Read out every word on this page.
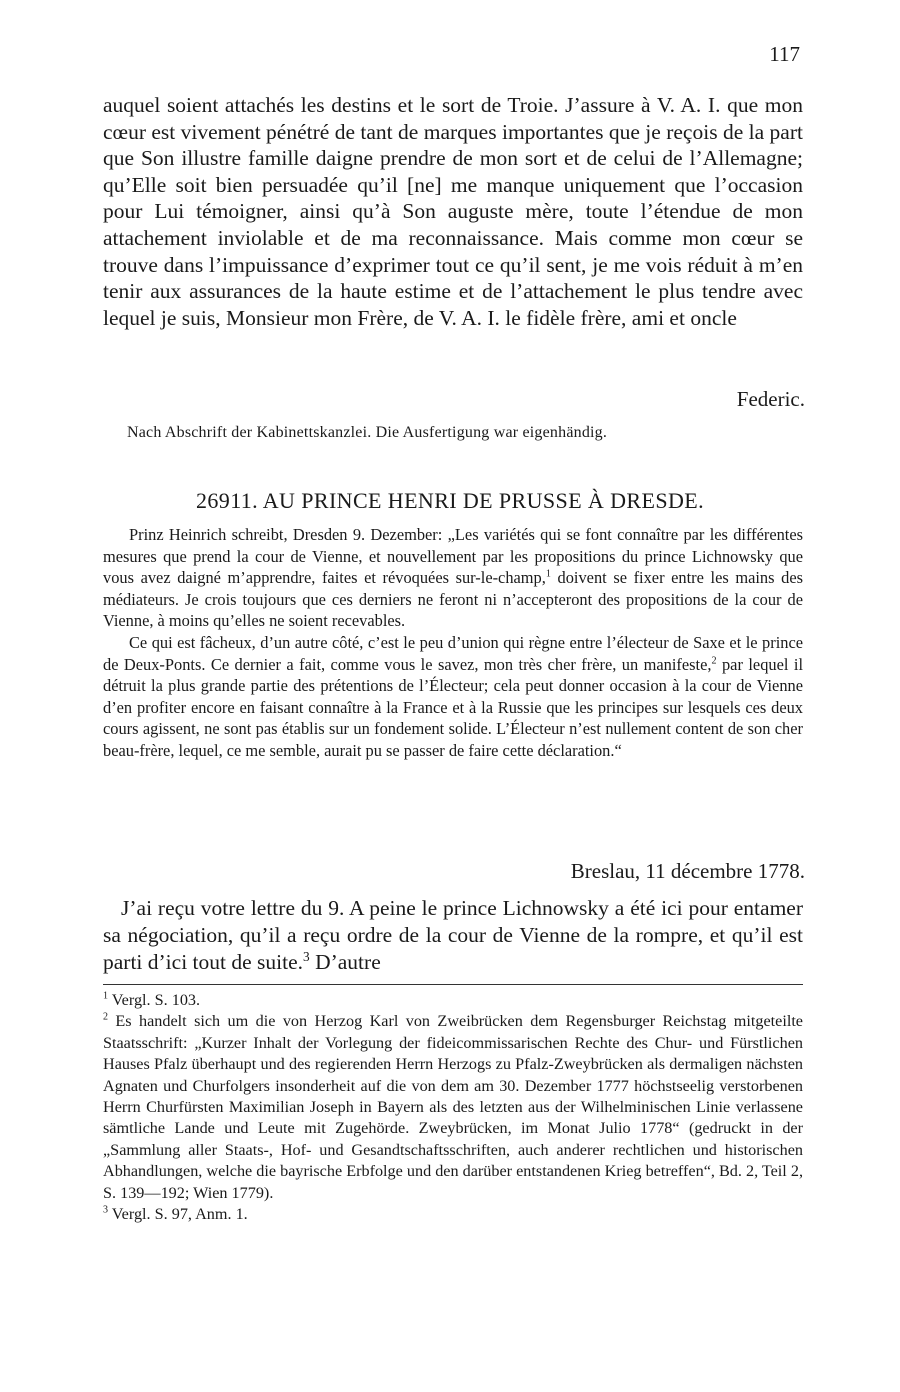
117

auquel soient attachés les destins et le sort de Troie. J’assure à V. A. I. que mon cœur est vivement pénétré de tant de marques importantes que je reçois de la part que Son illustre famille daigne prendre de mon sort et de celui de l’Allemagne; qu’Elle soit bien persuadée qu’il [ne] me manque uniquement que l’occasion pour Lui témoigner, ainsi qu’à Son auguste mère, toute l’étendue de mon attachement inviolable et de ma reconnaissance. Mais comme mon cœur se trouve dans l’impuissance d’exprimer tout ce qu’il sent, je me vois réduit à m’en tenir aux assurances de la haute estime et de l’attachement le plus tendre avec lequel je suis, Monsieur mon Frère, de V. A. I. le fidèle frère, ami et oncle

Federic.
Nach Abschrift der Kabinettskanzlei. Die Ausfertigung war eigenhändig.
26911. AU PRINCE HENRI DE PRUSSE À DRESDE.

Prinz Heinrich schreibt, Dresden 9. Dezember: „Les variétés qui se font connaître par les différentes mesures que prend la cour de Vienne, et nouvellement par les propositions du prince Lichnowsky que vous avez daigné m’apprendre, faites et révoquées sur-le-champ,$^1$ doivent se fixer entre les mains des médiateurs. Je crois toujours que ces derniers ne feront ni n’accepteront des propositions de la cour de Vienne, à moins qu’elles ne soient recevables.

Ce qui est fâcheux, d’un autre côté, c’est le peu d’union qui règne entre l’électeur de Saxe et le prince de Deux-Ponts. Ce dernier a fait, comme vous le savez, mon très cher frère, un manifeste,$^2$ par lequel il détruit la plus grande partie des prétentions de l’Électeur; cela peut donner occasion à la cour de Vienne d’en profiter encore en faisant connaître à la France et à la Russie que les principes sur lesquels ces deux cours agissent, ne sont pas établis sur un fondement solide. L’Électeur n’est nullement content de son cher beau-frère, lequel, ce me semble, aurait pu se passer de faire cette déclaration.“

Breslau, 11 décembre 1778.

J’ai reçu votre lettre du 9. A peine le prince Lichnowsky a été ici pour entamer sa négociation, qu’il a reçu ordre de la cour de Vienne de la rompre, et qu’il est parti d’ici tout de suite.$^3$ D’autre

$^1$ Vergl. S. 103.

$^2$ Es handelt sich um die von Herzog Karl von Zweibrücken dem Regensburger Reichstag mitgeteilte Staatsschrift: „Kurzer Inhalt der Vorlegung der fideicommissarischen Rechte des Chur- und Fürstlichen Hauses Pfalz überhaupt und des regierenden Herrn Herzogs zu Pfalz-Zweybrücken als dermaligen nächsten Agnaten und Churfolgers insonderheit auf die von dem am 30. Dezember 1777 höchstseelig verstorbenen Herrn Churfürsten Maximilian Joseph in Bayern als des letzten aus der Wilhelminischen Linie verlassene sämtliche Lande und Leute mit Zugehörde. Zweybrücken, im Monat Julio 1778“ (gedruckt in der „Sammlung aller Staats-, Hof- und Gesandtschaftsschriften, auch anderer rechtlichen und historischen Abhandlungen, welche die bayrische Erbfolge und den darüber entstandenen Krieg betreffen“, Bd. 2, Teil 2, S. 139—192; Wien 1779).

$^3$ Vergl. S. 97, Anm. 1.
